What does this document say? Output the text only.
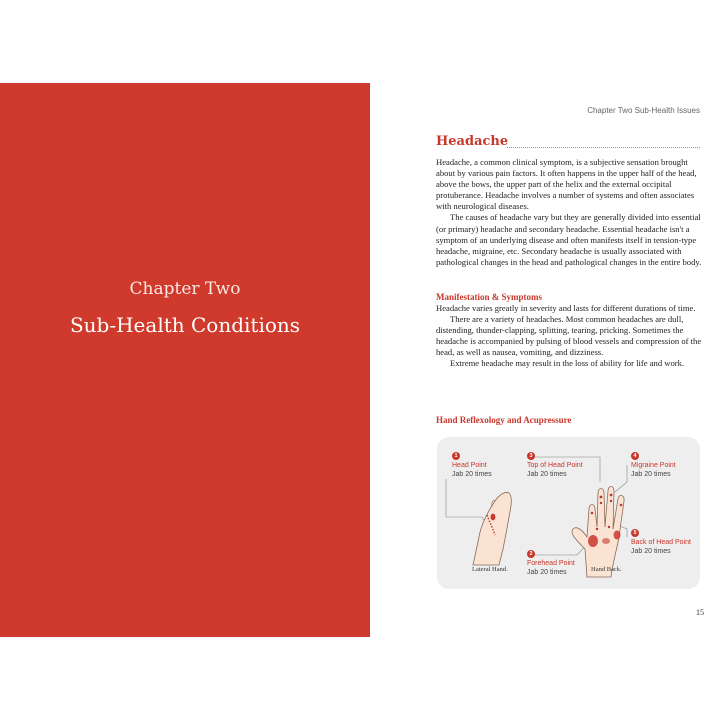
Chapter Two
Sub-Health Conditions
Chapter Two Sub-Health Issues
Headache

Headache, a common clinical symptom, is a subjective sensation brought about by various pain factors. It often happens in the upper half of the head, above the bows, the upper part of the helix and the external occipital protuberance. Headache involves a number of systems and often associates with neurological diseases.

The causes of headache vary but they are generally divided into essential (or primary) headache and secondary headache. Essential headache isn't a symptom of an underlying disease and often manifests itself in tension-type headache, migraine, etc. Secondary headache is usually associated with pathological changes in the head and pathological changes in the entire body.

Manifestation & Symptoms

Headache varies greatly in severity and lasts for different durations of time.

There are a variety of headaches. Most common headaches are dull, distending, thunder-clapping, splitting, tearing, pricking. Sometimes the headache is accompanied by pulsing of blood vessels and compression of the head, as well as nausea, vomiting, and dizziness.

Extreme headache may result in the loss of ability for life and work.

Hand Reflexology and Acupressure
1
Head Point
Jab 20 times
3
Top of Head Point
Jab 20 times
4
Migraine Point
Jab 20 times
5
Back of Head Point
Jab 20 times
2
Forehead Point
Jab 20 times
Lateral Hand.	Hand Back.
15
